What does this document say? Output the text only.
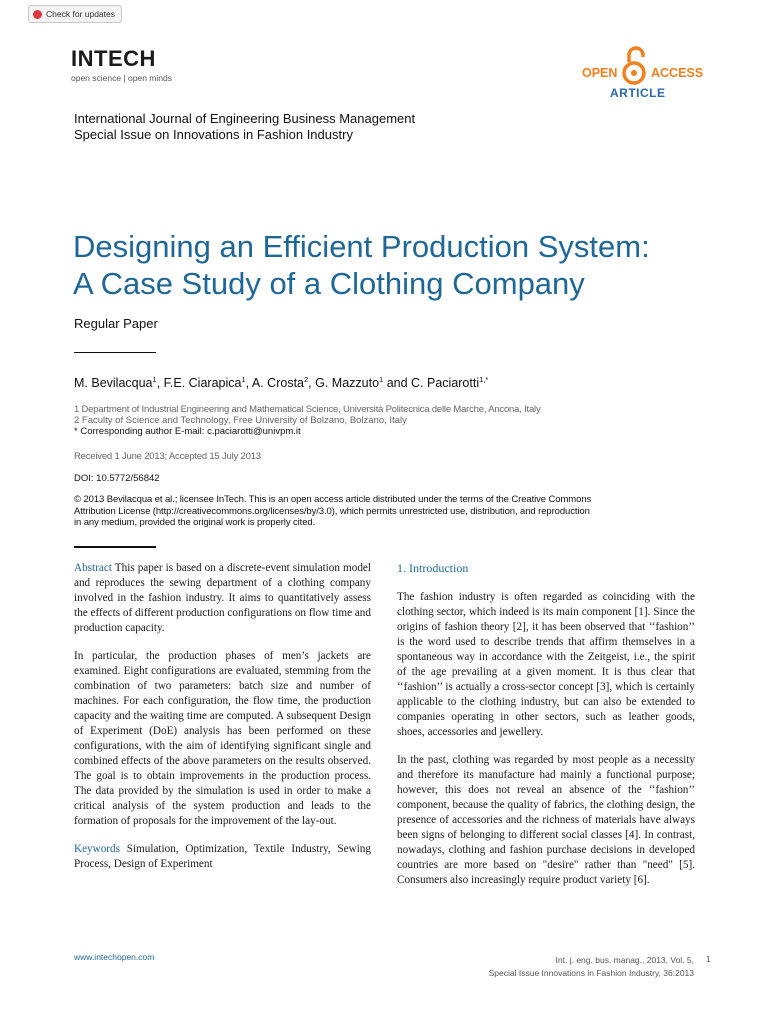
Check for updates
INTECH
open science | open minds	OPEN	ACCESS
ARTICLE
International Journal of Engineering Business Management
Special Issue on Innovations in Fashion Industry
Designing an Efficient Production System:
A Case Study of a Clothing Company
Regular Paper
M. Bevilacqua$^1$, F.E. Ciarapica$^1$, A. Crosta$^2$, G. Mazzuto$^1$ and C. Paciarotti$^{1,*}$
1 Department of Industrial Engineering and Mathematical Science, Università Politecnica delle Marche, Ancona, Italy
2 Faculty of Science and Technology, Free University of Bolzano, Bolzano, Italy
* Corresponding author E-mail: c.paciarotti@univpm.it
Received 1 June 2013; Accepted 15 July 2013
DOI: 10.5772/56842
© 2013 Bevilacqua et al.; licensee InTech. This is an open access article distributed under the terms of the Creative Commons Attribution License (http://creativecommons.org/licenses/by/3.0), which permits unrestricted use, distribution, and reproduction in any medium, provided the original work is properly cited.

Abstract This paper is based on a discrete-event simulation model and reproduces the sewing department of a clothing company involved in the fashion industry. It aims to quantitatively assess the effects of different production configurations on flow time and production capacity.

In particular, the production phases of men’s jackets are examined. Eight configurations are evaluated, stemming from the combination of two parameters: batch size and number of machines. For each configuration, the flow time, the production capacity and the waiting time are computed. A subsequent Design of Experiment (DoE) analysis has been performed on these configurations, with the aim of identifying significant single and combined effects of the above parameters on the results observed. The goal is to obtain improvements in the production process. The data provided by the simulation is used in order to make a critical analysis of the system production and leads to the formation of proposals for the improvement of the lay-out.

Keywords Simulation, Optimization, Textile Industry, Sewing Process, Design of Experiment

1. Introduction

The fashion industry is often regarded as coinciding with the clothing sector, which indeed is its main component [1]. Since the origins of fashion theory [2], it has been observed that ‘‘fashion’’ is the word used to describe trends that affirm themselves in a spontaneous way in accordance with the Zeitgeist, i.e., the spirit of the age prevailing at a given moment. It is thus clear that ‘‘fashion’’ is actually a cross-sector concept [3], which is certainly applicable to the clothing industry, but can also be extended to companies operating in other sectors, such as leather goods, shoes, accessories and jewellery.

In the past, clothing was regarded by most people as a necessity and therefore its manufacture had mainly a functional purpose; however, this does not reveal an absence of the ‘‘fashion’’ component, because the quality of fabrics, the clothing design, the presence of accessories and the richness of materials have always been signs of belonging to different social classes [4]. In contrast, nowadays, clothing and fashion purchase decisions in developed countries are more based on "desire" rather than "need" [5]. Consumers also increasingly require product variety [6].

www.intechopen.com	Int. j. eng. bus. manag., 2013, Vol. 5,
Special Issue Innovations in Fashion Industry, 36:2013
1
